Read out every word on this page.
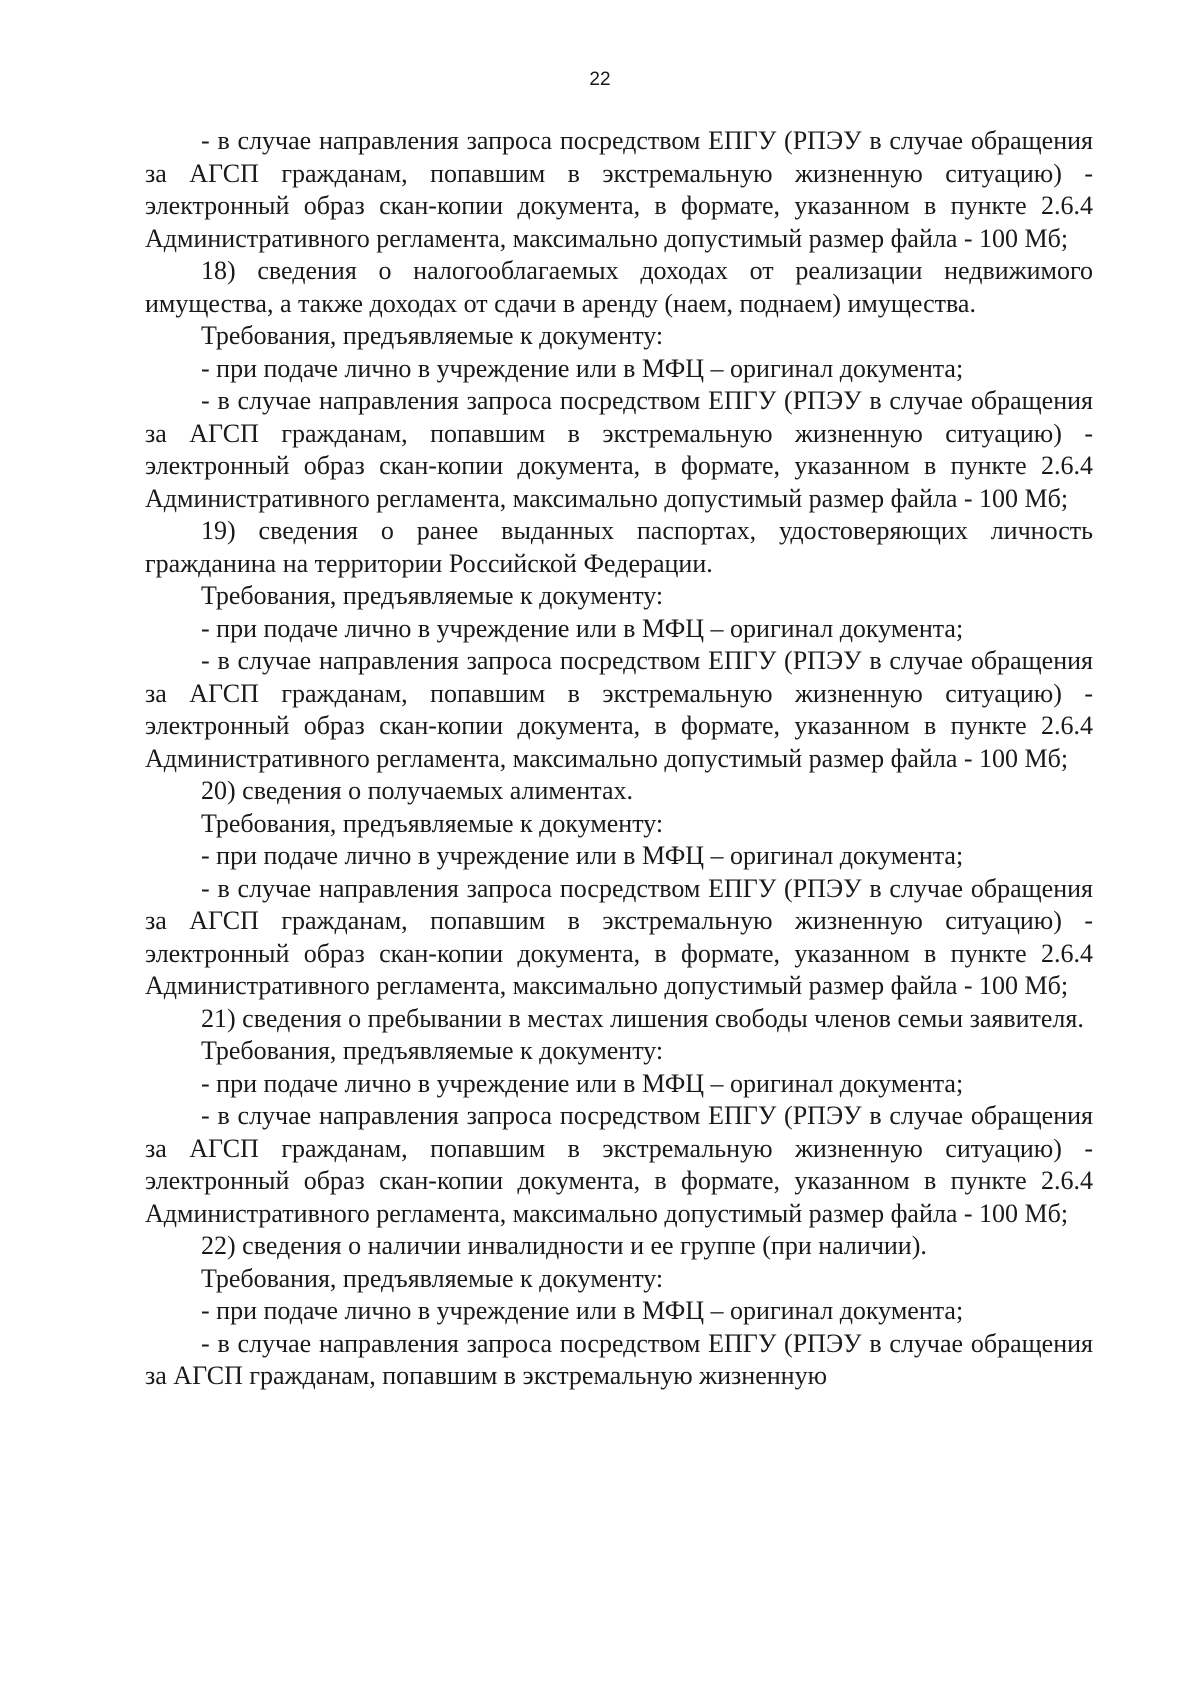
22

- в случае направления запроса посредством ЕПГУ (РПЭУ в случае обращения за АГСП гражданам, попавшим в экстремальную жизненную ситуацию) - электронный образ скан-копии документа, в формате, указанном в пункте 2.6.4 Административного регламента, максимально допустимый размер файла - 100 Мб;

18) сведения о налогооблагаемых доходах от реализации недвижимого имущества, а также доходах от сдачи в аренду (наем, поднаем) имущества.

Требования, предъявляемые к документу:

- при подаче лично в учреждение или в МФЦ – оригинал документа;

- в случае направления запроса посредством ЕПГУ (РПЭУ в случае обращения за АГСП гражданам, попавшим в экстремальную жизненную ситуацию) - электронный образ скан-копии документа, в формате, указанном в пункте 2.6.4 Административного регламента, максимально допустимый размер файла - 100 Мб;

19) сведения о ранее выданных паспортах, удостоверяющих личность гражданина на территории Российской Федерации.

Требования, предъявляемые к документу:

- при подаче лично в учреждение или в МФЦ – оригинал документа;

- в случае направления запроса посредством ЕПГУ (РПЭУ в случае обращения за АГСП гражданам, попавшим в экстремальную жизненную ситуацию) - электронный образ скан-копии документа, в формате, указанном в пункте 2.6.4 Административного регламента, максимально допустимый размер файла - 100 Мб;

20) сведения о получаемых алиментах.

Требования, предъявляемые к документу:

- при подаче лично в учреждение или в МФЦ – оригинал документа;

- в случае направления запроса посредством ЕПГУ (РПЭУ в случае обращения за АГСП гражданам, попавшим в экстремальную жизненную ситуацию) - электронный образ скан-копии документа, в формате, указанном в пункте 2.6.4 Административного регламента, максимально допустимый размер файла - 100 Мб;

21) сведения о пребывании в местах лишения свободы членов семьи заявителя.

Требования, предъявляемые к документу:

- при подаче лично в учреждение или в МФЦ – оригинал документа;

- в случае направления запроса посредством ЕПГУ (РПЭУ в случае обращения за АГСП гражданам, попавшим в экстремальную жизненную ситуацию) - электронный образ скан-копии документа, в формате, указанном в пункте 2.6.4 Административного регламента, максимально допустимый размер файла - 100 Мб;

22) сведения о наличии инвалидности и ее группе (при наличии).

Требования, предъявляемые к документу:

- при подаче лично в учреждение или в МФЦ – оригинал документа;

- в случае направления запроса посредством ЕПГУ (РПЭУ в случае обращения за АГСП гражданам, попавшим в экстремальную жизненную
